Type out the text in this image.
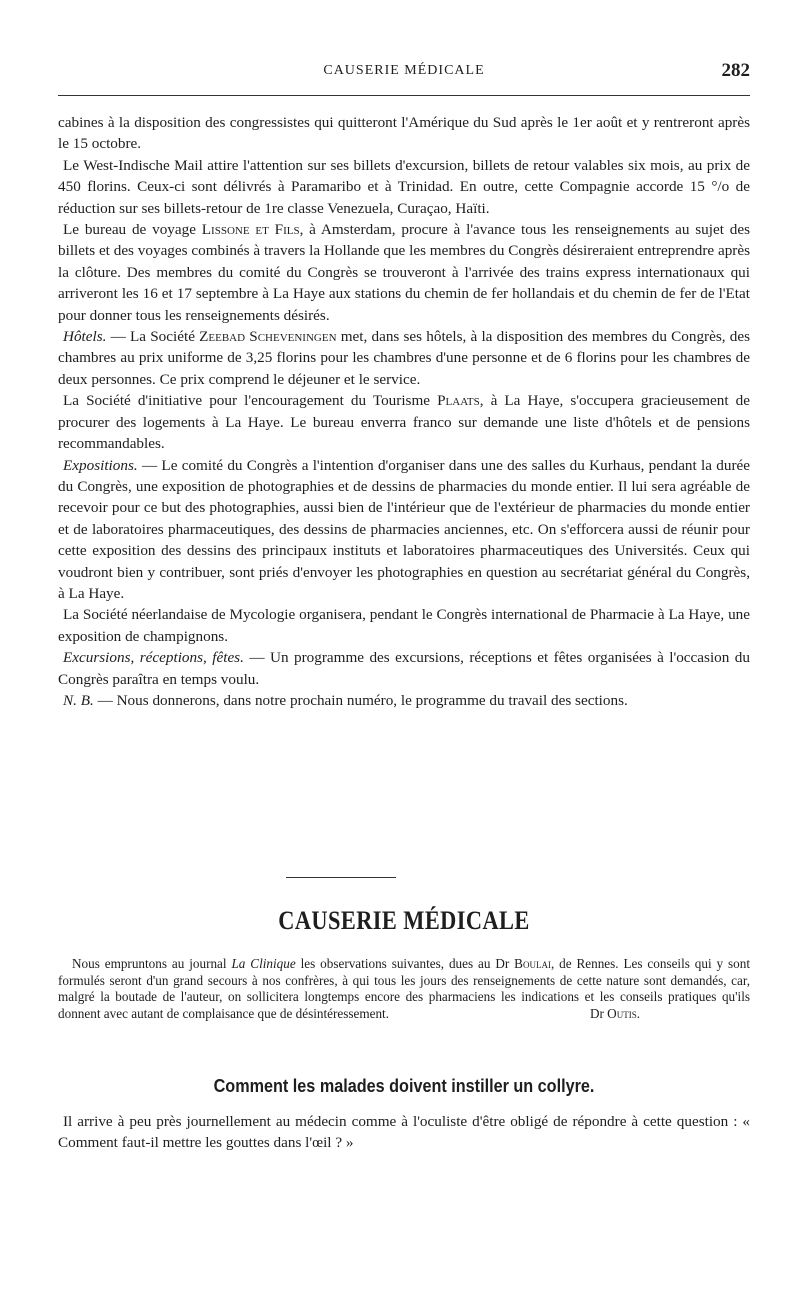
CAUSERIE MÉDICALE	282

cabines à la disposition des congressistes qui quitteront l'Amérique du Sud après le 1er août et y rentreront après le 15 octobre.

Le West-Indische Mail attire l'attention sur ses billets d'excursion, billets de retour valables six mois, au prix de 450 florins. Ceux-ci sont délivrés à Paramaribo et à Trinidad. En outre, cette Compagnie accorde 15 °/o de réduction sur ses billets-retour de 1re classe Venezuela, Curaçao, Haïti.

Le bureau de voyage Lissone et Fils, à Amsterdam, procure à l'avance tous les renseignements au sujet des billets et des voyages combinés à travers la Hollande que les membres du Congrès désireraient entreprendre après la clôture. Des membres du comité du Congrès se trouveront à l'arrivée des trains express internationaux qui arriveront les 16 et 17 septembre à La Haye aux stations du chemin de fer hollandais et du chemin de fer de l'Etat pour donner tous les renseignements désirés.

Hôtels. — La Société Zeebad Scheveningen met, dans ses hôtels, à la disposition des membres du Congrès, des chambres au prix uniforme de 3,25 florins pour les chambres d'une personne et de 6 florins pour les chambres de deux personnes. Ce prix comprend le déjeuner et le service.

La Société d'initiative pour l'encouragement du Tourisme Plaats, à La Haye, s'occupera gracieusement de procurer des logements à La Haye. Le bureau enverra franco sur demande une liste d'hôtels et de pensions recommandables.

Expositions. — Le comité du Congrès a l'intention d'organiser dans une des salles du Kurhaus, pendant la durée du Congrès, une exposition de photographies et de dessins de pharmacies du monde entier. Il lui sera agréable de recevoir pour ce but des photographies, aussi bien de l'intérieur que de l'extérieur de pharmacies du monde entier et de laboratoires pharmaceutiques, des dessins de pharmacies anciennes, etc. On s'efforcera aussi de réunir pour cette exposition des dessins des principaux instituts et laboratoires pharmaceutiques des Universités. Ceux qui voudront bien y contribuer, sont priés d'envoyer les photographies en question au secrétariat général du Congrès, à La Haye.

La Société néerlandaise de Mycologie organisera, pendant le Congrès international de Pharmacie à La Haye, une exposition de champignons.

Excursions, réceptions, fêtes. — Un programme des excursions, réceptions et fêtes organisées à l'occasion du Congrès paraîtra en temps voulu.

N. B. — Nous donnerons, dans notre prochain numéro, le programme du travail des sections.

CAUSERIE MÉDICALE

Nous empruntons au journal La Clinique les observations suivantes, dues au Dr Boulai, de Rennes. Les conseils qui y sont formulés seront d'un grand secours à nos confrères, à qui tous les jours des renseignements de cette nature sont demandés, car, malgré la boutade de l'auteur, on sollicitera longtemps encore des pharmaciens les indications et les conseils pratiques qu'ils donnent avec autant de complaisance que de désintéressement.	Dr Outis.

Comment les malades doivent instiller un collyre.

Il arrive à peu près journellement au médecin comme à l'oculiste d'être obligé de répondre à cette question : « Comment faut-il mettre les gouttes dans l'œil ? »
